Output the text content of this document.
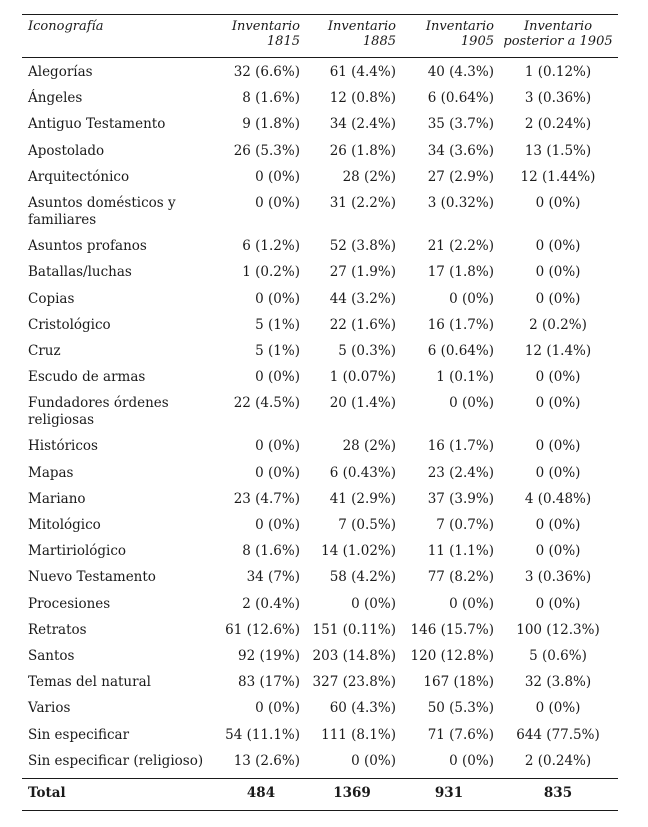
Iconografía	Inventario 1815	Inventario 1885	Inventario 1905	Inventario posterior a 1905
Alegorías	32 (6.6%)	61 (4.4%)	40 (4.3%)	1 (0.12%)
Ángeles	8 (1.6%)	12 (0.8%)	6 (0.64%)	3 (0.36%)
Antiguo Testamento	9 (1.8%)	34 (2.4%)	35 (3.7%)	2 (0.24%)
Apostolado	26 (5.3%)	26 (1.8%)	34 (3.6%)	13 (1.5%)
Arquitectónico	0 (0%)	28 (2%)	27 (2.9%)	12 (1.44%)
Asuntos domésticos y familiares	0 (0%)	31 (2.2%)	3 (0.32%)	0 (0%)
Asuntos profanos	6 (1.2%)	52 (3.8%)	21 (2.2%)	0 (0%)
Batallas/luchas	1 (0.2%)	27 (1.9%)	17 (1.8%)	0 (0%)
Copias	0 (0%)	44 (3.2%)	0 (0%)	0 (0%)
Cristológico	5 (1%)	22 (1.6%)	16 (1.7%)	2 (0.2%)
Cruz	5 (1%)	5 (0.3%)	6 (0.64%)	12 (1.4%)
Escudo de armas	0 (0%)	1 (0.07%)	1 (0.1%)	0 (0%)
Fundadores órdenes religiosas	22 (4.5%)	20 (1.4%)	0 (0%)	0 (0%)
Históricos	0 (0%)	28 (2%)	16 (1.7%)	0 (0%)
Mapas	0 (0%)	6 (0.43%)	23 (2.4%)	0 (0%)
Mariano	23 (4.7%)	41 (2.9%)	37 (3.9%)	4 (0.48%)
Mitológico	0 (0%)	7 (0.5%)	7 (0.7%)	0 (0%)
Martiriológico	8 (1.6%)	14 (1.02%)	11 (1.1%)	0 (0%)
Nuevo Testamento	34 (7%)	58 (4.2%)	77 (8.2%)	3 (0.36%)
Procesiones	2 (0.4%)	0 (0%)	0 (0%)	0 (0%)
Retratos	61 (12.6%)	151 (0.11%)	146 (15.7%)	100 (12.3%)
Santos	92 (19%)	203 (14.8%)	120 (12.8%)	5 (0.6%)
Temas del natural	83 (17%)	327 (23.8%)	167 (18%)	32 (3.8%)
Varios	0 (0%)	60 (4.3%)	50 (5.3%)	0 (0%)
Sin especificar	54 (11.1%)	111 (8.1%)	71 (7.6%)	644 (77.5%)
Sin especificar (religioso)	13 (2.6%)	0 (0%)	0 (0%)	2 (0.24%)
Total	484	1369	931	835
